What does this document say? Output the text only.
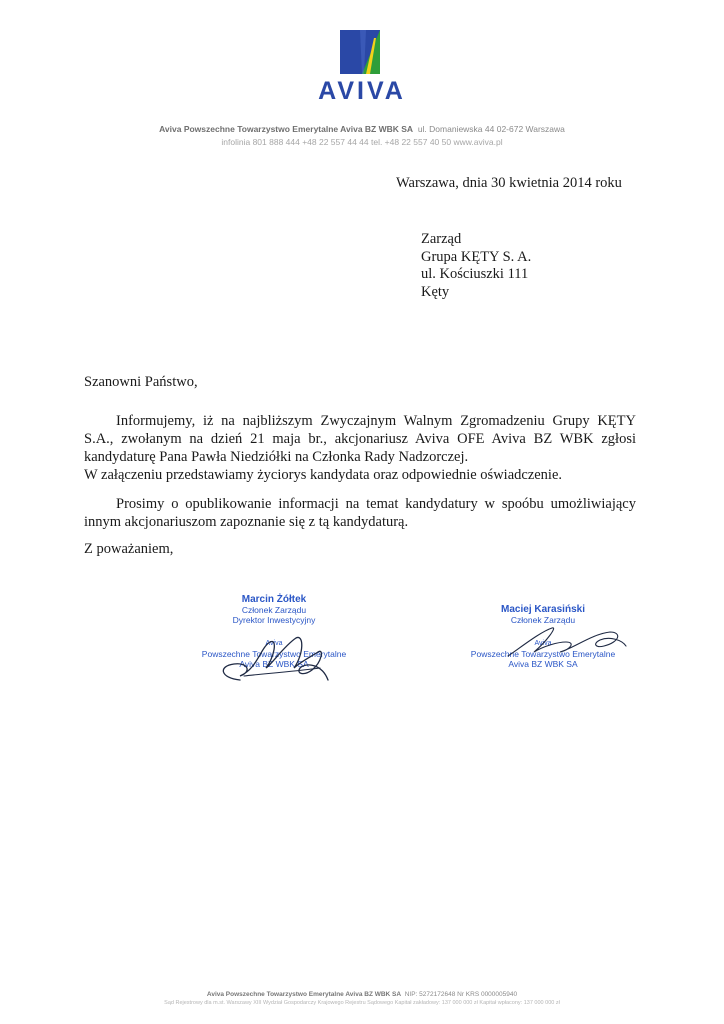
AVIVA
Aviva Powszechne Towarzystwo Emerytalne Aviva BZ WBK SA ul. Domaniewska 44 02-672 Warszawa
infolinia 801 888 444 +48 22 557 44 44 tel. +48 22 557 40 50 www.aviva.pl
Warszawa, dnia 30 kwietnia 2014 roku
Zarząd
Grupa KĘTY S. A.
ul. Kościuszki 111
Kęty
Szanowni Państwo,
Informujemy, iż na najbliższym Zwyczajnym Walnym Zgromadzeniu Grupy KĘTY
S.A., zwołanym na dzień 21 maja br., akcjonariusz Aviva OFE Aviva BZ WBK zgłosi
kandydaturę Pana Pawła Niedziółki na Członka Rady Nadzorczej.
W załączeniu przedstawiamy życiorys kandydata oraz odpowiednie oświadczenie.
Prosimy o opublikowanie informacji na temat kandydatury w spoóbu umożliwiający
innym akcjonariuszom zapoznanie się z tą kandydaturą.
Z poważaniem,
Marcin Żółtek
Członek Zarządu
Dyrektor Inwestycyjny
Aviva
Powszechne Towarzystwo Emerytalne
Aviva BZ WBK SA
Maciej Karasiński
Członek Zarządu
Aviva
Powszechne Towarzystwo Emerytalne
Aviva BZ WBK SA
Aviva Powszechne Towarzystwo Emerytalne Aviva BZ WBK SA NIP: 5272172648 Nr KRS 0000005940
Sąd Rejestrowy dla m.st. Warszawy XIII Wydział Gospodarczy Krajowego Rejestru Sądowego Kapitał zakładowy: 137 000 000 zł Kapitał wpłacony: 137 000 000 zł
